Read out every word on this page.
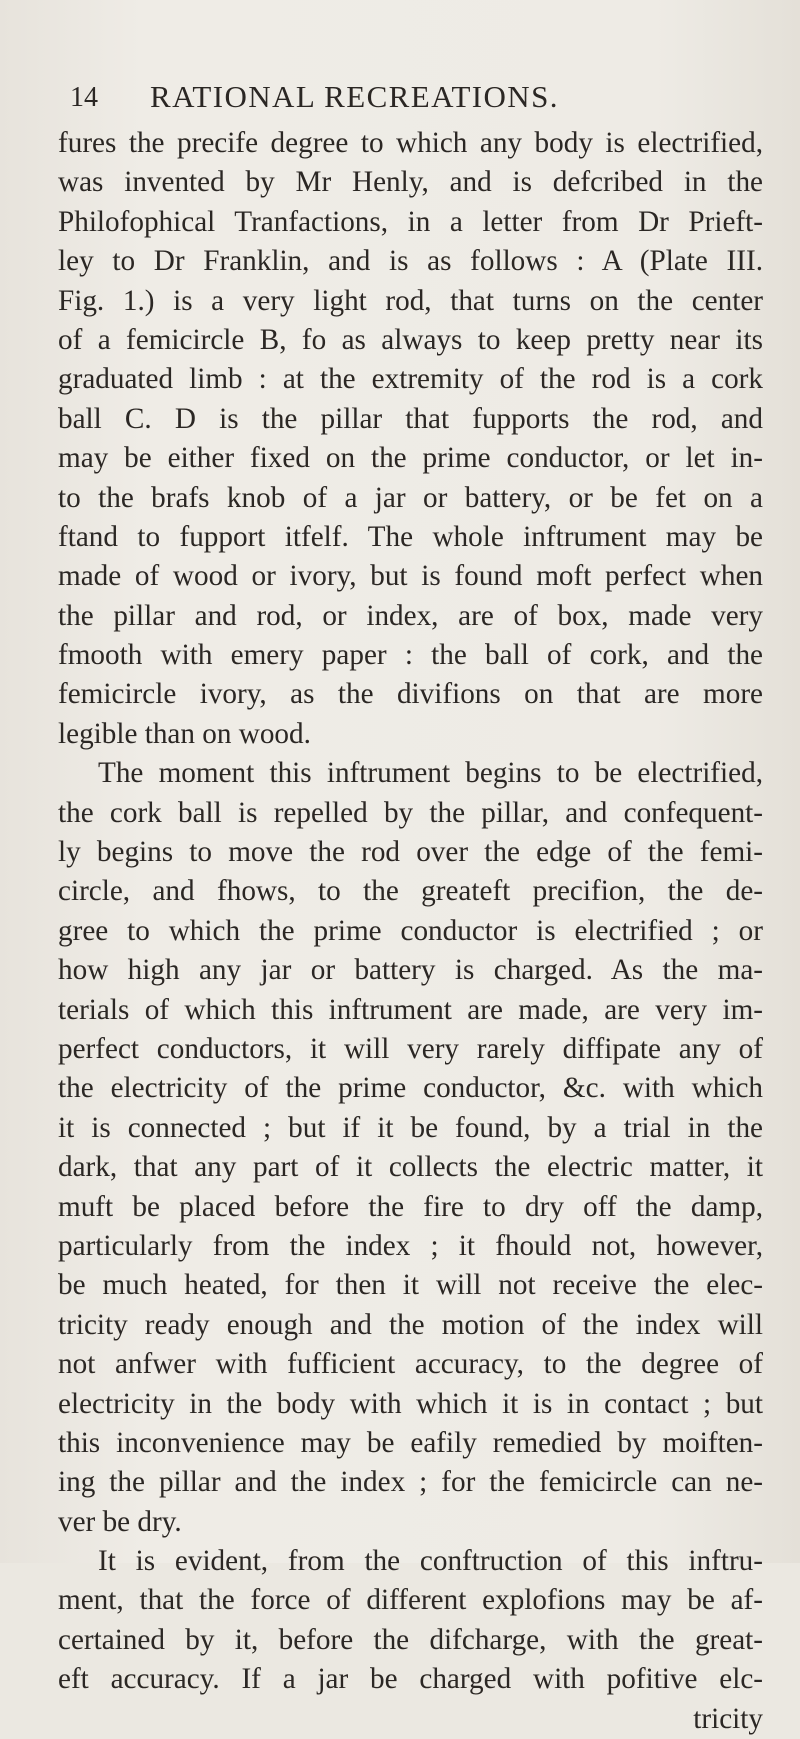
14 RATIONAL RECREATIONS.
fures the precife degree to which any body is electrified,
was invented by Mr Henly, and is defcribed in the
Philofophical Tranfactions, in a letter from Dr Prieft-
ley to Dr Franklin, and is as follows : A (Plate III.
Fig. 1.) is a very light rod, that turns on the center
of a femicircle B, fo as always to keep pretty near its
graduated limb : at the extremity of the rod is a cork
ball C. D is the pillar that fupports the rod, and
may be either fixed on the prime conductor, or let in-
to the brafs knob of a jar or battery, or be fet on a
ftand to fupport itfelf. The whole inftrument may be
made of wood or ivory, but is found moft perfect when
the pillar and rod, or index, are of box, made very
fmooth with emery paper : the ball of cork, and the
femicircle ivory, as the divifions on that are more
legible than on wood.
The moment this inftrument begins to be electrified,
the cork ball is repelled by the pillar, and confequent-
ly begins to move the rod over the edge of the femi-
circle, and fhows, to the greateft precifion, the de-
gree to which the prime conductor is electrified ; or
how high any jar or battery is charged. As the ma-
terials of which this inftrument are made, are very im-
perfect conductors, it will very rarely diffipate any of
the electricity of the prime conductor, &c. with which
it is connected ; but if it be found, by a trial in the
dark, that any part of it collects the electric matter, it
muft be placed before the fire to dry off the damp,
particularly from the index ; it fhould not, however,
be much heated, for then it will not receive the elec-
tricity ready enough and the motion of the index will
not anfwer with fufficient accuracy, to the degree of
electricity in the body with which it is in contact ; but
this inconvenience may be eafily remedied by moiften-
ing the pillar and the index ; for the femicircle can ne-
ver be dry.
It is evident, from the conftruction of this inftru-
ment, that the force of different explofions may be af-
certained by it, before the difcharge, with the great-
eft accuracy. If a jar be charged with pofitive elc-
tricity
